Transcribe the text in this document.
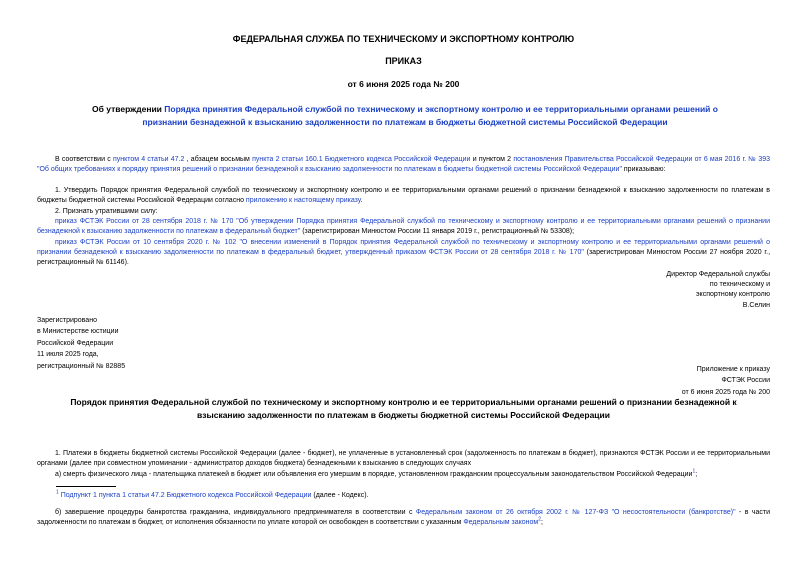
ФЕДЕРАЛЬНАЯ СЛУЖБА ПО ТЕХНИЧЕСКОМУ И ЭКСПОРТНОМУ КОНТРОЛЮ
ПРИКАЗ
от 6 июня 2025 года № 200
Об утверждении Порядка принятия Федеральной службой по техническому и экспортному контролю и ее территориальными органами решений о признании безнадежной к взысканию задолженности по платежам в бюджеты бюджетной системы Российской Федерации
В соответствии с пунктом 4 статьи 47.2 , абзацем восьмым пункта 2 статьи 160.1 Бюджетного кодекса Российской Федерации и пунктом 2 постановления Правительства Российской Федерации от 6 мая 2016 г. № 393 "Об общих требованиях к порядку принятия решений о признании безнадежной к взысканию задолженности по платежам в бюджеты бюджетной системы Российской Федерации" приказываю:
1. Утвердить Порядок принятия Федеральной службой по техническому и экспортному контролю и ее территориальными органами решений о признании безнадежной к взысканию задолженности по платежам в бюджеты бюджетной системы Российской Федерации согласно приложению к настоящему приказу.
2. Признать утратившими силу:
приказ ФСТЭК России от 28 сентября 2018 г. № 170 "Об утверждении Порядка принятия Федеральной службой по техническому и экспортному контролю и ее территориальными органами решений о признании безнадежной к взысканию задолженности по платежам в федеральный бюджет" (зарегистрирован Минюстом России 11 января 2019 г., регистрационный № 53308);
приказ ФСТЭК России от 10 сентября 2020 г. № 102 "О внесении изменений в Порядок принятия Федеральной службой по техническому и экспортному контролю и ее территориальными органами решений о признании безнадежной к взысканию задолженности по платежам в федеральный бюджет, утвержденный приказом ФСТЭК России от 28 сентября 2018 г. № 170" (зарегистрирован Минюстом России 27 ноября 2020 г., регистрационный № 61146).

Директор Федеральной службы

по техническому и

экспортному контролю

В.Селин

Зарегистрировано

в Министерстве юстиции

Российской Федерации

11 июля 2025 года,

регистрационный № 82885	Приложение к приказу

ФСТЭК России

от 6 июня 2025 года № 200

Порядок принятия Федеральной службой по техническому и экспортному контролю и ее территориальными органами решений о признании безнадежной к взысканию задолженности по платежам в бюджеты бюджетной системы Российской Федерации
1. Платежи в бюджеты бюджетной системы Российской Федерации (далее - бюджет), не уплаченные в установленный срок (задолженность по платежам в бюджет), признаются ФСТЭК России и ее территориальными органами (далее при совместном упоминании - администратор доходов бюджета) безнадежными к взысканию в следующих случаях
а) смерть физического лица - плательщика платежей в бюджет или объявления его умершим в порядке, установленном гражданским процессуальным законодательством Российской Федерации$^1$;
$^1$ Подпункт 1 пункта 1 статьи 47.2 Бюджетного кодекса Российской Федерации (далее - Кодекс).
б) завершение процедуры банкротства гражданина, индивидуального предпринимателя в соответствии с Федеральным законом от 26 октября 2002 г. № 127-ФЗ "О несостоятельности (банкротстве)" - в части задолженности по платежам в бюджет, от исполнения обязанности по уплате которой он освобожден в соответствии с указанным Федеральным законом$^2$;
